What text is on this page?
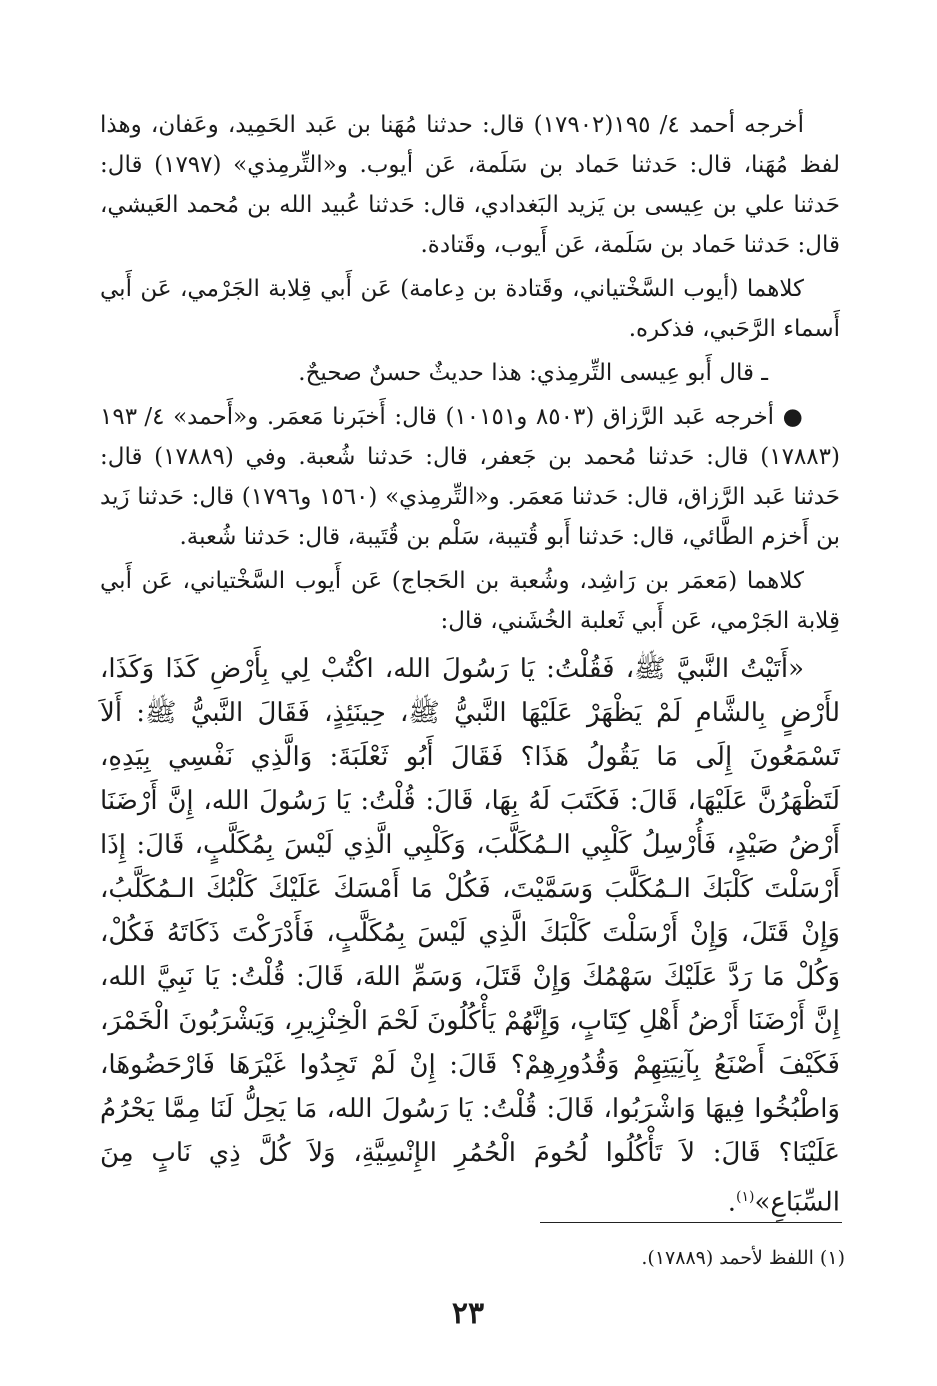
أخرجه أحمد ٤/ ١٩٥(١٧٩٠٢) قال: حدثنا مُهَنا بن عَبد الحَمِيد، وعَفان، وهذا لفظ مُهَنا، قال: حَدثنا حَماد بن سَلَمة، عَن أيوب. و«التِّرمِذي» (١٧٩٧) قال: حَدثنا علي بن عِيسى بن يَزيد البَغدادي، قال: حَدثنا عُبيد الله بن مُحمد العَيشي، قال: حَدثنا حَماد بن سَلَمة، عَن أَيوب، وقَتادة.

كلاهما (أيوب السَّخْتياني، وقَتادة بن دِعامة) عَن أَبي قِلابة الجَرْمي، عَن أَبي أَسماء الرَّحَبي، فذكره.

ـ قال أَبو عِيسى التِّرمِذي: هذا حديثٌ حسنٌ صحيحٌ.

● أخرجه عَبد الرَّزاق (٨٥٠٣ و١٠١٥١) قال: أَخبَرنا مَعمَر. و«أَحمد» ٤/ ١٩٣ (١٧٨٨٣) قال: حَدثنا مُحمد بن جَعفر، قال: حَدثنا شُعبة. وفي (١٧٨٨٩) قال: حَدثنا عَبد الرَّزاق، قال: حَدثنا مَعمَر. و«التِّرمِذي» (١٥٦٠ و١٧٩٦) قال: حَدثنا زَيد بن أَخزم الطَّائي، قال: حَدثنا أَبو قُتيبة، سَلْم بن قُتَيبة، قال: حَدثنا شُعبة.

كلاهما (مَعمَر بن رَاشِد، وشُعبة بن الحَجاج) عَن أَيوب السَّخْتياني، عَن أَبي قِلابة الجَرْمي، عَن أَبي ثَعلبة الخُشَني، قال:

«أَتَيْتُ النَّبيَّ ﷺ، فَقُلْتُ: يَا رَسُولَ الله، اكْتُبْ لِي بِأَرْضِ كَذَا وَكَذَا، لأَرْضٍ بِالشَّامِ لَمْ يَظْهَرْ عَلَيْهَا النَّبيُّ ﷺ، حِينَئِذٍ، فَقَالَ النَّبيُّ ﷺ: أَلاَ تَسْمَعُونَ إِلَى مَا يَقُولُ هَذَا؟ فَقَالَ أَبُو ثَعْلَبَةَ: وَالَّذِي نَفْسِي بِيَدِهِ، لَتَظْهَرُنَّ عَلَيْهَا، قَالَ: فَكَتَبَ لَهُ بِهَا، قَالَ: قُلْتُ: يَا رَسُولَ الله، إِنَّ أَرْضَنَا أَرْضُ صَيْدٍ، فَأُرْسِلُ كَلْبِي الـمُكَلَّبَ، وَكَلْبِي الَّذِي لَيْسَ بِمُكَلَّبٍ، قَالَ: إِذَا أَرْسَلْتَ كَلْبَكَ الـمُكَلَّبَ وَسَمَّيْتَ، فَكُلْ مَا أَمْسَكَ عَلَيْكَ كَلْبُكَ الـمُكَلَّبُ، وَإِنْ قَتَلَ، وَإِنْ أَرْسَلْتَ كَلْبَكَ الَّذِي لَيْسَ بِمُكَلَّبٍ، فَأَدْرَكْتَ ذَكَاتَهُ فَكُلْ، وَكُلْ مَا رَدَّ عَلَيْكَ سَهْمُكَ وَإِنْ قَتَلَ، وَسَمِّ اللهَ، قَالَ: قُلْتُ: يَا نَبِيَّ الله، إِنَّ أَرْضَنَا أَرْضُ أَهْلِ كِتَابٍ، وَإِنَّهُمْ يَأْكُلُونَ لَحْمَ الْخِنْزِيرِ، وَيَشْرَبُونَ الْخَمْرَ، فَكَيْفَ أَصْنَعُ بِآنِيَتِهِمْ وَقُدُورِهِمْ؟ قَالَ: إِنْ لَمْ تَجِدُوا غَيْرَهَا فَارْحَضُوهَا، وَاطْبُخُوا فِيهَا وَاشْرَبُوا، قَالَ: قُلْتُ: يَا رَسُولَ الله، مَا يَحِلُّ لَنَا مِمَّا يَحْرُمُ عَلَيْنَا؟ قَالَ: لاَ تَأْكُلُوا لُحُومَ الْحُمُرِ الإِنْسِيَّةِ، وَلاَ كُلَّ ذِي نَابٍ مِنَ السِّبَاعِ»$^{(١)}$.

(١) اللفظ لأحمد (١٧٨٨٩).
٢٣
